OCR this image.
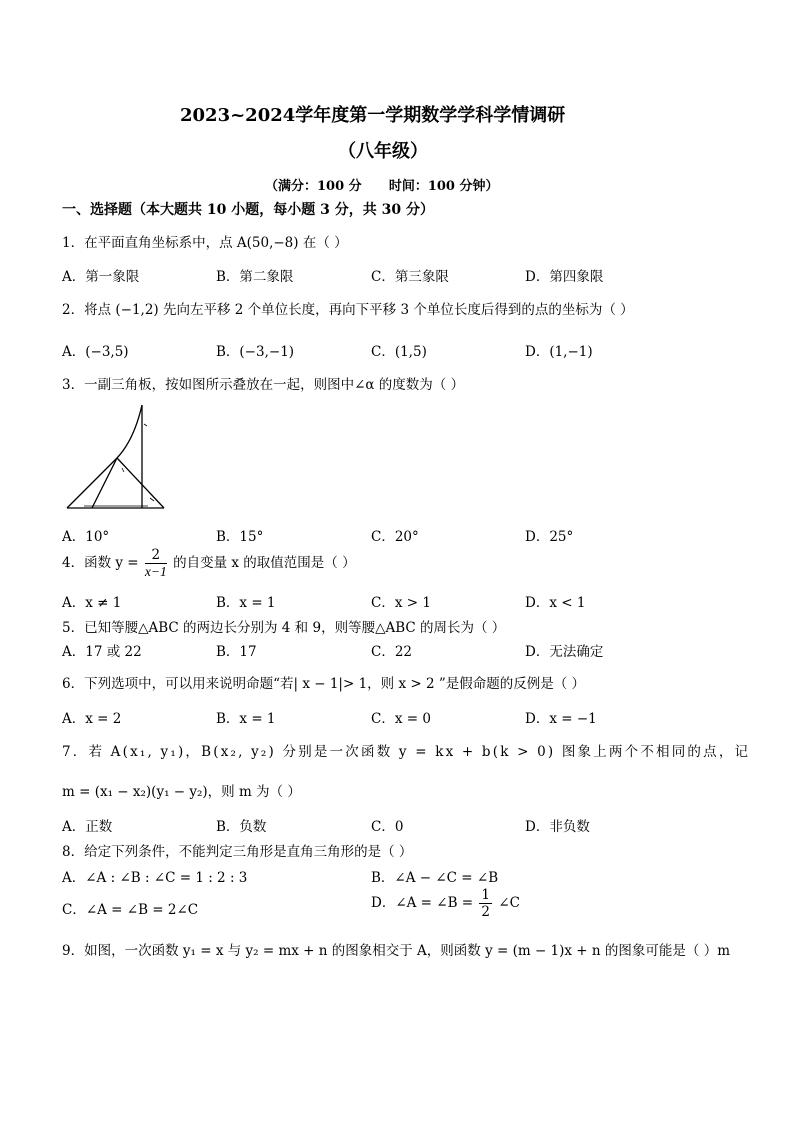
2023~2024学年度第一学期数学学科学情调研
（八年级）
（满分：100 分      时间：100 分钟）
一、选择题（本大题共 10 小题，每小题 3 分，共 30 分）
1．在平面直角坐标系中，点 A(50,−8) 在（ ）
A．第一象限	B．第二象限	C．第三象限	D．第四象限
2．将点 (−1,2) 先向左平移 2 个单位长度，再向下平移 3 个单位长度后得到的点的坐标为（ ）
A．(−3,5)	B．(−3,−1)	C．(1,5)	D．(1,−1)
3．一副三角板，按如图所示叠放在一起，则图中∠α 的度数为（ ）
A．10°	B．15°	C．20°	D．25°
4．函数 $y = \frac{2}{x-1}$ 的自变量 x 的取值范围是（ ）
A．x ≠ 1	B．x = 1	C．x > 1	D．x < 1
5．已知等腰△ABC 的两边长分别为 4 和 9，则等腰△ABC 的周长为（ ）
A．17 或 22	B．17	C．22	D．无法确定
6．下列选项中，可以用来说明命题“若| x − 1|> 1，则 x > 2 ”是假命题的反例是（ ）
A．x = 2	B．x = 1	C．x = 0	D．x = −1
7．若 A(x₁, y₁)，B(x₂, y₂) 分别是一次函数 y = kx + b(k > 0) 图象上两个不相同的点，记
m = (x₁ − x₂)(y₁ − y₂)，则 m 为（ ）
A．正数	B．负数	C．0	D．非负数
8．给定下列条件，不能判定三角形是直角三角形的是（ ）
A．∠A : ∠B : ∠C = 1 : 2 : 3	B．∠A − ∠C = ∠B
C．∠A = ∠B = 2∠C	D．∠A = ∠B = $\frac{1}{2}$ ∠C
9．如图，一次函数 y₁ = x 与 y₂ = mx + n 的图象相交于 A，则函数 y = (m − 1)x + n 的图象可能是（ ）m
